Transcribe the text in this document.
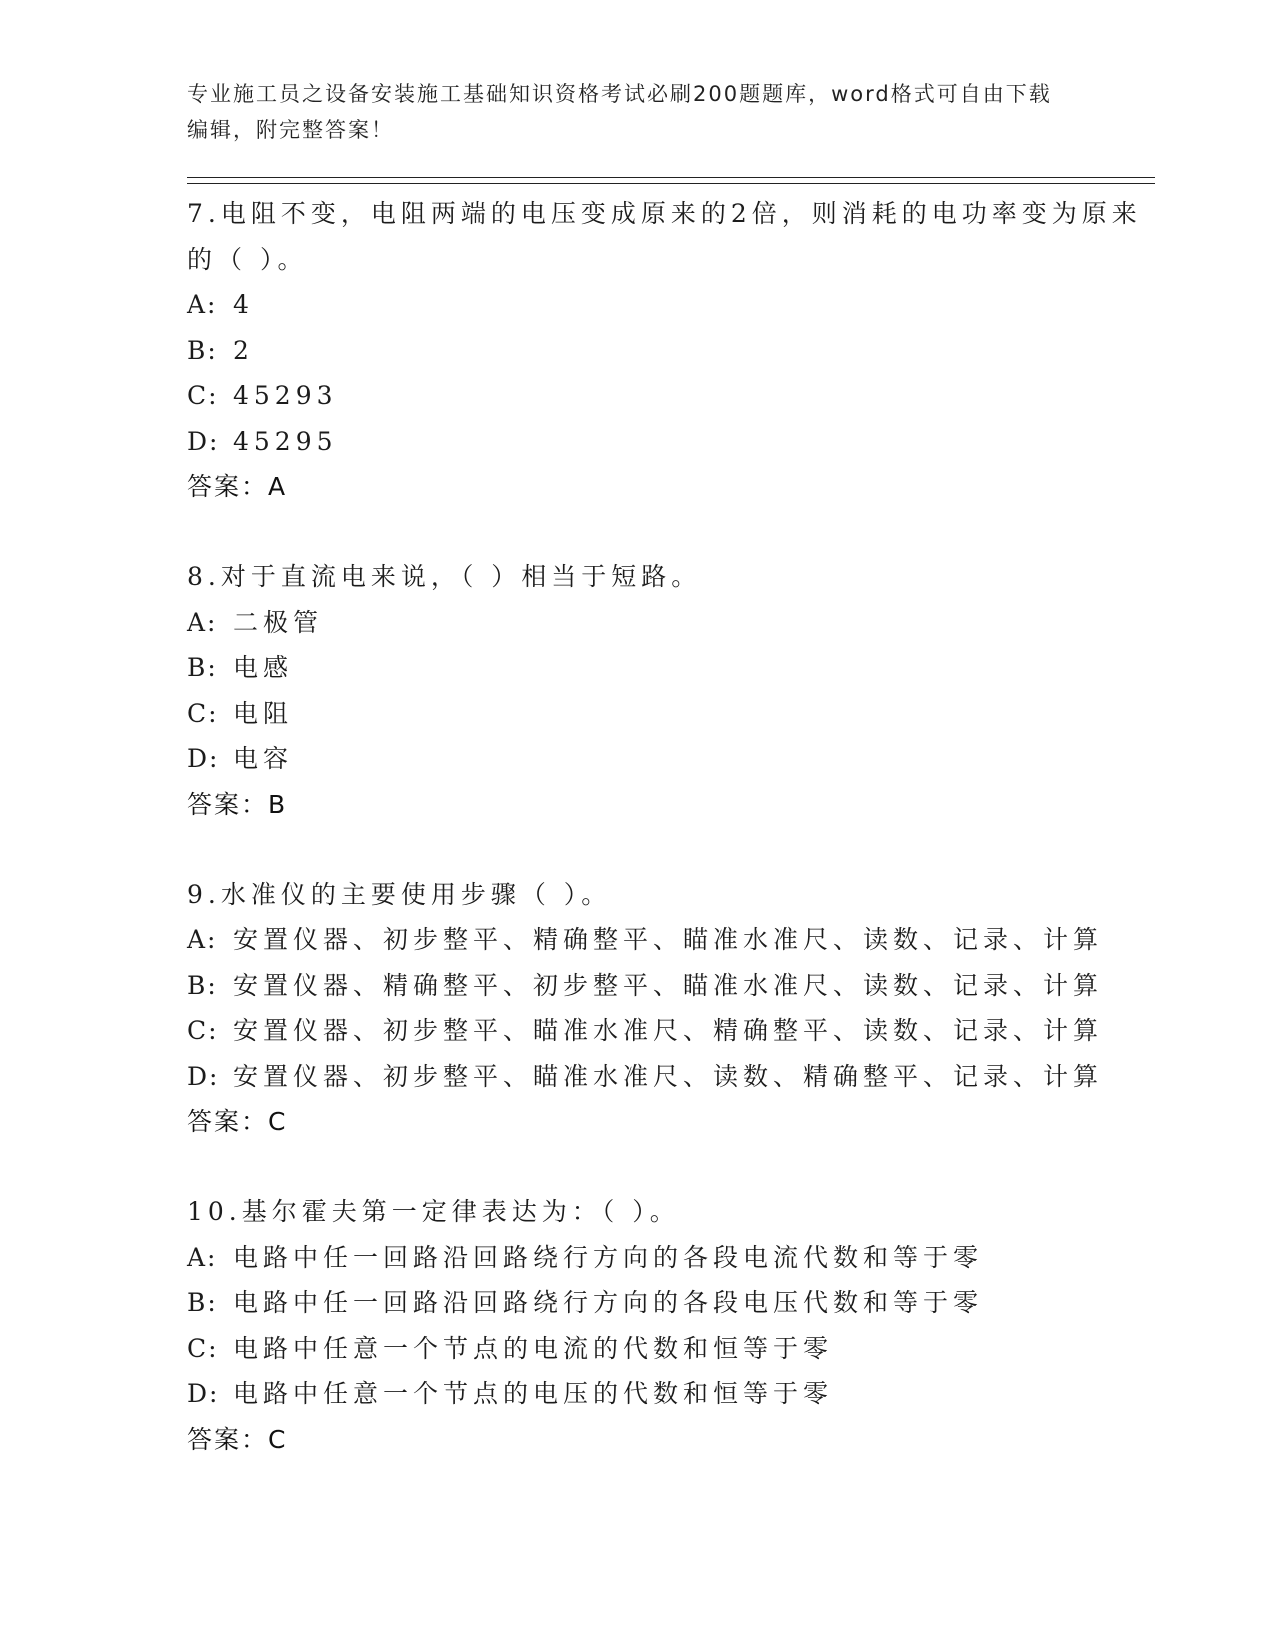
专业施工员之设备安装施工基础知识资格考试必刷200题题库，word格式可自由下载编辑，附完整答案！
7.电阻不变，电阻两端的电压变成原来的2倍，则消耗的电功率变为原来的（ ）。
A: 4
B: 2
C: 45293
D: 45295
答案：A
8.对于直流电来说，（ ）相当于短路。
A: 二极管
B: 电感
C: 电阻
D: 电容
答案：B
9.水准仪的主要使用步骤（ ）。
A: 安置仪器、初步整平、精确整平、瞄准水准尺、读数、记录、计算
B: 安置仪器、精确整平、初步整平、瞄准水准尺、读数、记录、计算
C: 安置仪器、初步整平、瞄准水准尺、精确整平、读数、记录、计算
D: 安置仪器、初步整平、瞄准水准尺、读数、精确整平、记录、计算
答案：C
10.基尔霍夫第一定律表达为：（ ）。
A: 电路中任一回路沿回路绕行方向的各段电流代数和等于零
B: 电路中任一回路沿回路绕行方向的各段电压代数和等于零
C: 电路中任意一个节点的电流的代数和恒等于零
D: 电路中任意一个节点的电压的代数和恒等于零
答案：C
